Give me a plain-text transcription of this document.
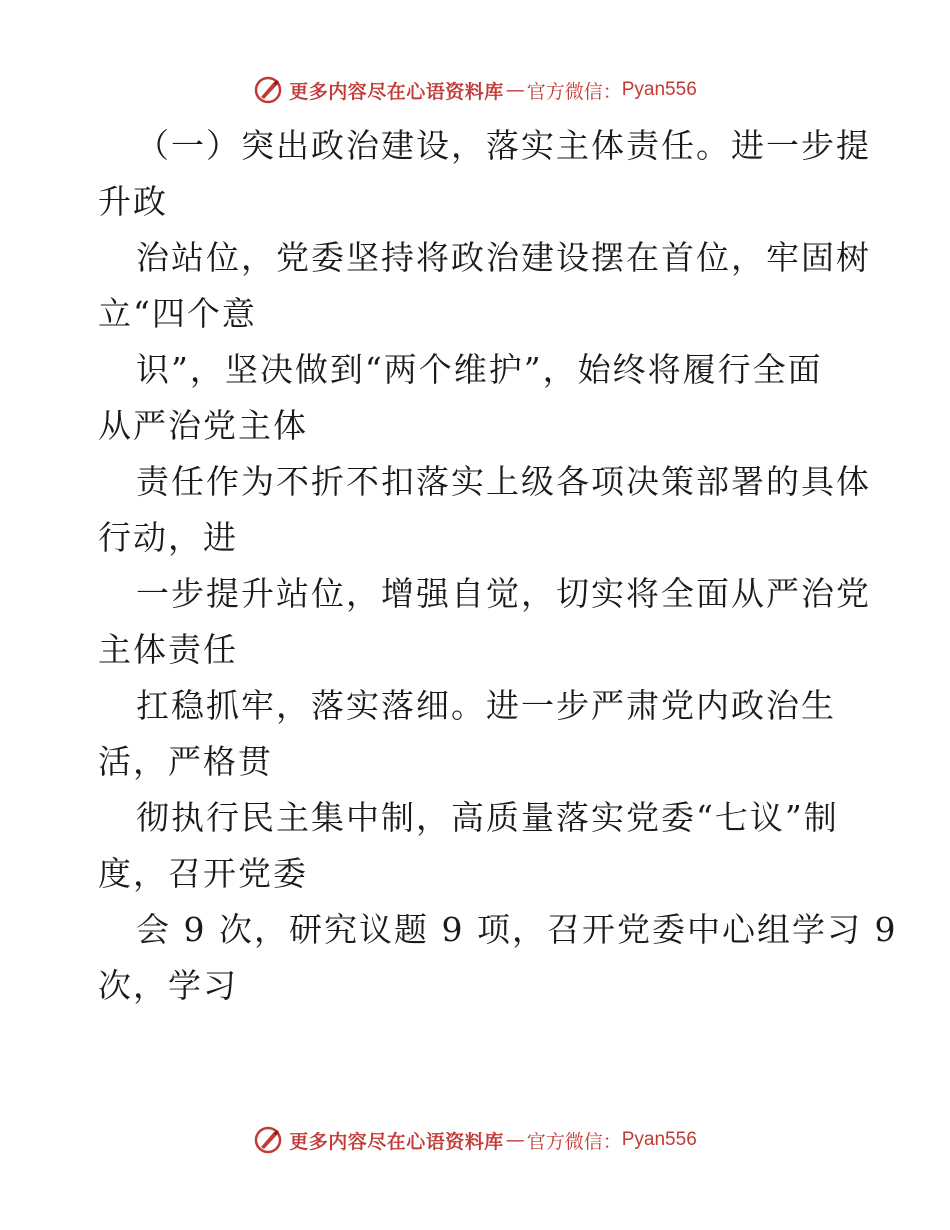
更多内容尽在心语资料库 — 官方微信： Pyan556
（一）突出政治建设，落实主体责任。进一步提
升政
治站位，党委坚持将政治建设摆在首位，牢固树
立“四个意
识”，坚决做到“两个维护”，始终将履行全面
从严治党主体
责任作为不折不扣落实上级各项决策部署的具体
行动，进
一步提升站位，增强自觉，切实将全面从严治党
主体责任
扛稳抓牢，落实落细。进一步严肃党内政治生
活，严格贯
彻执行民主集中制，高质量落实党委“七议”制
度，召开党委
会 9 次，研究议题 9 项，召开党委中心组学习 9
次，学习
更多内容尽在心语资料库 — 官方微信： Pyan556
